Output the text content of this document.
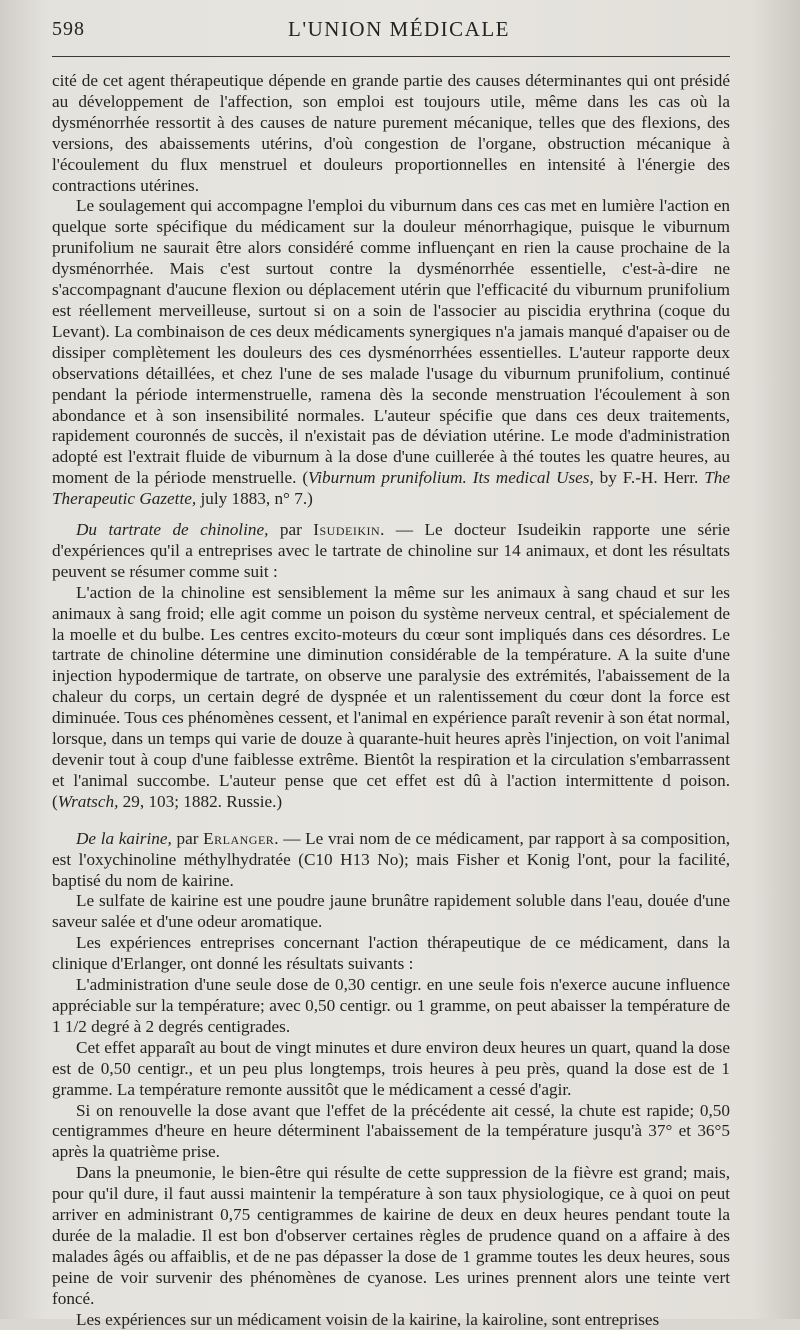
598	L'UNION MÉDICALE

cité de cet agent thérapeutique dépende en grande partie des causes déterminantes qui ont présidé au développement de l'affection, son emploi est toujours utile, même dans les cas où la dysménorrhée ressortit à des causes de nature purement mécanique, telles que des flexions, des versions, des abaissements utérins, d'où congestion de l'organe, obstruction mécanique à l'écoulement du flux menstruel et douleurs proportionnelles en intensité à l'énergie des contractions utérines.

Le soulagement qui accompagne l'emploi du viburnum dans ces cas met en lumière l'action en quelque sorte spécifique du médicament sur la douleur ménorrhagique, puisque le viburnum prunifolium ne saurait être alors considéré comme influençant en rien la cause prochaine de la dysménorrhée. Mais c'est surtout contre la dysménorrhée essentielle, c'est-à-dire ne s'accompagnant d'aucune flexion ou déplacement utérin que l'efficacité du viburnum prunifolium est réellement merveilleuse, surtout si on a soin de l'associer au piscidia erythrina (coque du Levant). La combinaison de ces deux médicaments synergiques n'a jamais manqué d'apaiser ou de dissiper complètement les douleurs des ces dysménorrhées essentielles. L'auteur rapporte deux observations détaillées, et chez l'une de ses malade l'usage du viburnum prunifolium, continué pendant la période intermenstruelle, ramena dès la seconde menstruation l'écoulement à son abondance et à son insensibilité normales. L'auteur spécifie que dans ces deux traitements, rapidement couronnés de succès, il n'existait pas de déviation utérine. Le mode d'administration adopté est l'extrait fluide de viburnum à la dose d'une cuillerée à thé toutes les quatre heures, au moment de la période menstruelle. (Viburnum prunifolium. Its medical Uses, by F.-H. Herr. The Therapeutic Gazette, july 1883, n° 7.)

Du tartrate de chinoline, par Isudeikin. — Le docteur Isudeikin rapporte une série d'expériences qu'il a entreprises avec le tartrate de chinoline sur 14 animaux, et dont les résultats peuvent se résumer comme suit :

L'action de la chinoline est sensiblement la même sur les animaux à sang chaud et sur les animaux à sang froid; elle agit comme un poison du système nerveux central, et spécialement de la moelle et du bulbe. Les centres excito-moteurs du cœur sont impliqués dans ces désordres. Le tartrate de chinoline détermine une diminution considérable de la température. A la suite d'une injection hypodermique de tartrate, on observe une paralysie des extrémités, l'abaissement de la chaleur du corps, un certain degré de dyspnée et un ralentissement du cœur dont la force est diminuée. Tous ces phénomènes cessent, et l'animal en expérience paraît revenir à son état normal, lorsque, dans un temps qui varie de douze à quarante-huit heures après l'injection, on voit l'animal devenir tout à coup d'une faiblesse extrême. Bientôt la respiration et la circulation s'embarrassent et l'animal succombe. L'auteur pense que cet effet est dû à l'action intermittente d poison. (Wratsch, 29, 103; 1882. Russie.)

De la kairine, par Erlanger. — Le vrai nom de ce médicament, par rapport à sa composition, est l'oxychinoline méthylhydratée (C10 H13 No); mais Fisher et Konig l'ont, pour la facilité, baptisé du nom de kairine.

Le sulfate de kairine est une poudre jaune brunâtre rapidement soluble dans l'eau, douée d'une saveur salée et d'une odeur aromatique.

Les expériences entreprises concernant l'action thérapeutique de ce médicament, dans la clinique d'Erlanger, ont donné les résultats suivants :

L'administration d'une seule dose de 0,30 centigr. en une seule fois n'exerce aucune influence appréciable sur la température; avec 0,50 centigr. ou 1 gramme, on peut abaisser la température de 1 1/2 degré à 2 degrés centigrades.

Cet effet apparaît au bout de vingt minutes et dure environ deux heures un quart, quand la dose est de 0,50 centigr., et un peu plus longtemps, trois heures à peu près, quand la dose est de 1 gramme. La température remonte aussitôt que le médicament a cessé d'agir.

Si on renouvelle la dose avant que l'effet de la précédente ait cessé, la chute est rapide; 0,50 centigrammes d'heure en heure déterminent l'abaissement de la température jusqu'à 37° et 36°5 après la quatrième prise.

Dans la pneumonie, le bien-être qui résulte de cette suppression de la fièvre est grand; mais, pour qu'il dure, il faut aussi maintenir la température à son taux physiologique, ce à quoi on peut arriver en administrant 0,75 centigrammes de kairine de deux en deux heures pendant toute la durée de la maladie. Il est bon d'observer certaines règles de prudence quand on a affaire à des malades âgés ou affaiblis, et de ne pas dépasser la dose de 1 gramme toutes les deux heures, sous peine de voir survenir des phénomènes de cyanose. Les urines prennent alors une teinte vert foncé.

Les expériences sur un médicament voisin de la kairine, la kairoline, sont entreprises
